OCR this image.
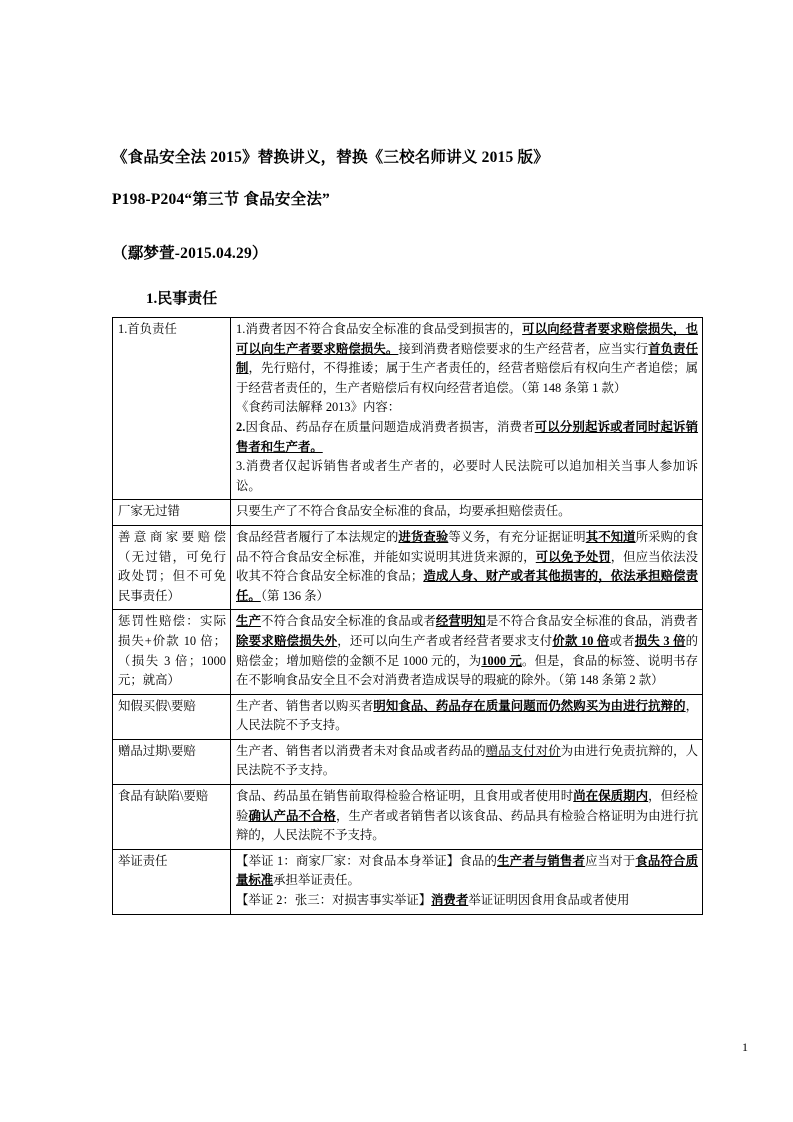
《食品安全法 2015》替换讲义，替换《三校名师讲义 2015 版》
P198-P204“第三节 食品安全法”
（鄢梦萱-2015.04.29）
1.民事责任
1.首负责任	1.消费者因不符合食品安全标准的食品受到损害的，可以向经营者要求赔偿损失，也可以向生产者要求赔偿损失。接到消费者赔偿要求的生产经营者，应当实行首负责任制，先行赔付，不得推诿；属于生产者责任的，经营者赔偿后有权向生产者追偿；属于经营者责任的，生产者赔偿后有权向经营者追偿。（第 148 条第 1 款）
《食药司法解释 2013》内容：
2.因食品、药品存在质量问题造成消费者损害，消费者可以分别起诉或者同时起诉销售者和生产者。
3.消费者仅起诉销售者或者生产者的，必要时人民法院可以追加相关当事人参加诉讼。
厂家无过错	只要生产了不符合食品安全标准的食品，均要承担赔偿责任。
善意商家要赔偿（无过错，可免行政处罚；但不可免民事责任）	食品经营者履行了本法规定的进货查验等义务，有充分证据证明其不知道所采购的食品不符合食品安全标准，并能如实说明其进货来源的，可以免予处罚，但应当依法没收其不符合食品安全标准的食品；造成人身、财产或者其他损害的，依法承担赔偿责任。（第 136 条）
惩罚性赔偿：实际损失+价款 10 倍；（损失 3 倍；1000 元；就高）	生产不符合食品安全标准的食品或者经营明知是不符合食品安全标准的食品，消费者除要求赔偿损失外，还可以向生产者或者经营者要求支付价款 10 倍或者损失 3 倍的赔偿金；增加赔偿的金额不足 1000 元的，为1000 元。但是，食品的标签、说明书存在不影响食品安全且不会对消费者造成误导的瑕疵的除外。（第 148 条第 2 款）
知假买假\要赔	生产者、销售者以购买者明知食品、药品存在质量问题而仍然购买为由进行抗辩的，人民法院不予支持。
赠品过期\要赔	生产者、销售者以消费者未对食品或者药品的赠品支付对价为由进行免责抗辩的，人民法院不予支持。
食品有缺陷\要赔	食品、药品虽在销售前取得检验合格证明，且食用或者使用时尚在保质期内，但经检验确认产品不合格，生产者或者销售者以该食品、药品具有检验合格证明为由进行抗辩的，人民法院不予支持。
举证责任	【举证 1：商家厂家：对食品本身举证】食品的生产者与销售者应当对于食品符合质量标准承担举证责任。
【举证 2：张三：对损害事实举证】消费者举证证明因食用食品或者使用
1
